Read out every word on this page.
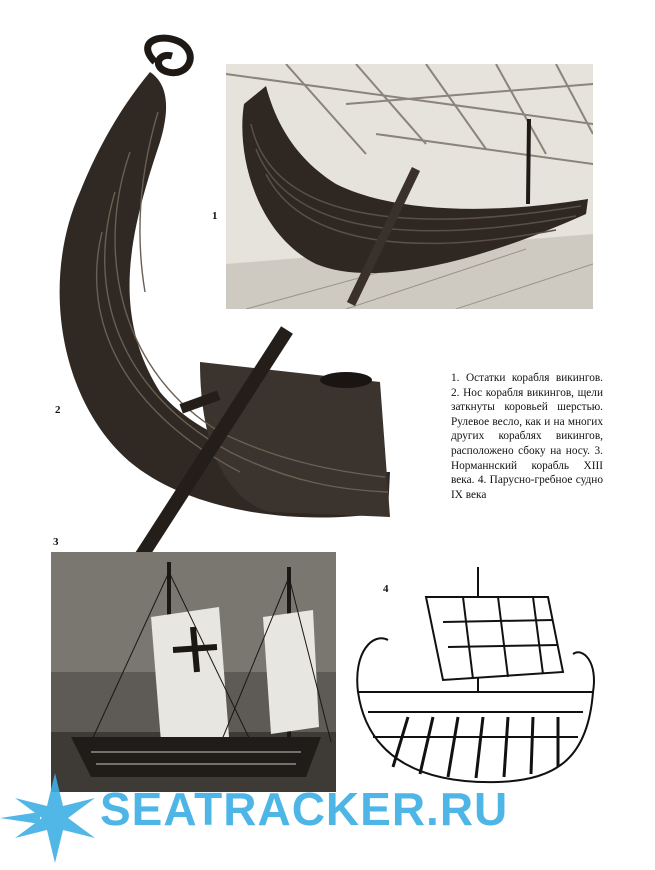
1
2
1. Остатки корабля викингов. 2. Нос корабля викингов, щели заткнуты коровьей шерстью. Рулевое весло, как и на многих других кораблях викингов, расположено сбоку на носу. 3. Норманнский корабль XIII века. 4. Парусно-гребное судно IX века
3
4
SEATRACKER.RU
